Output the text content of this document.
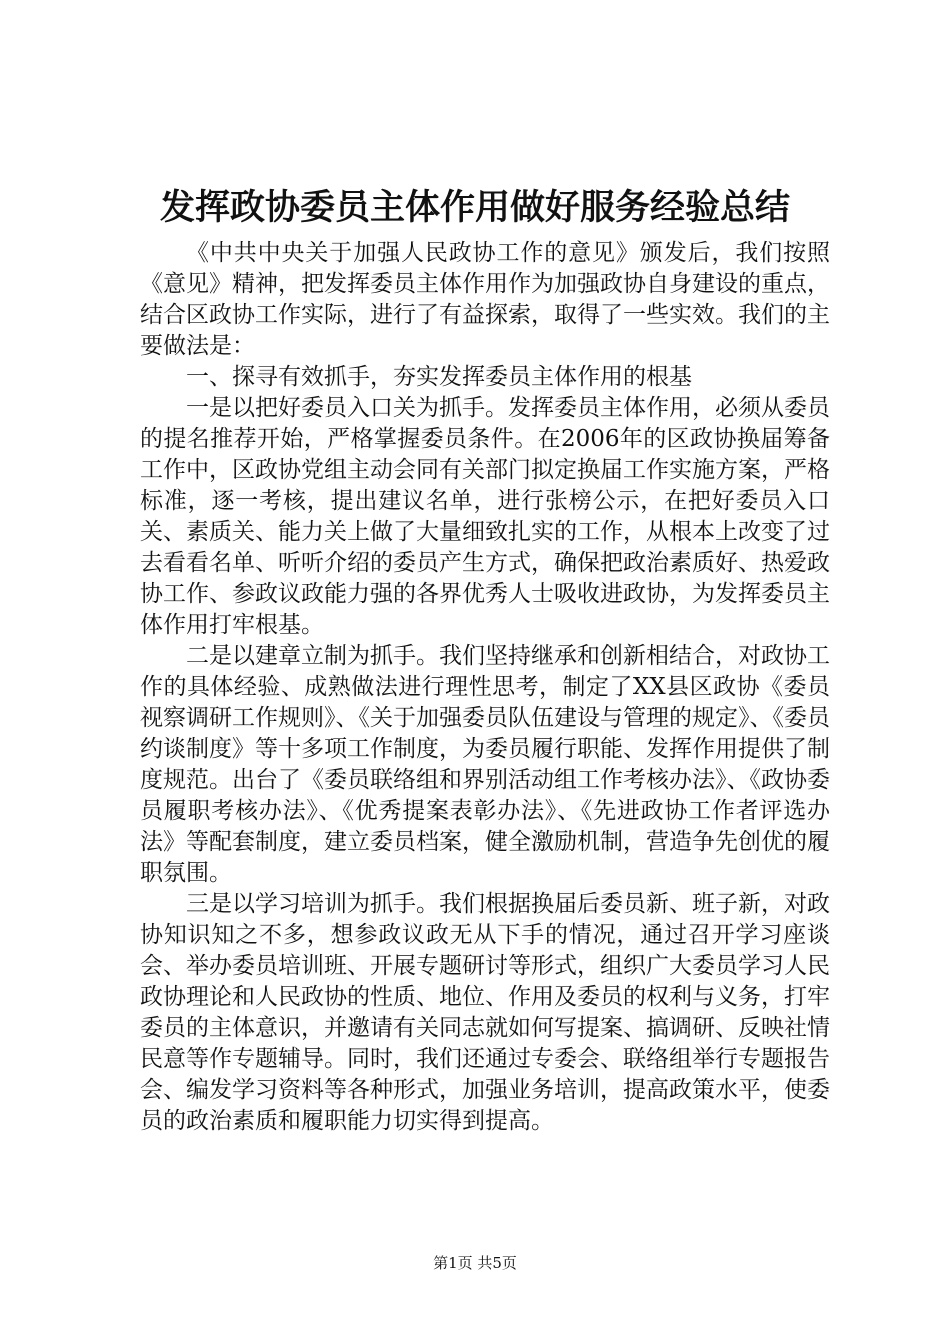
发挥政协委员主体作用做好服务经验总结

《中共中央关于加强人民政协工作的意见》颁发后，我们按照《意见》精神，把发挥委员主体作用作为加强政协自身建设的重点，结合区政协工作实际，进行了有益探索，取得了一些实效。我们的主要做法是：

一、探寻有效抓手，夯实发挥委员主体作用的根基

一是以把好委员入口关为抓手。发挥委员主体作用，必须从委员的提名推荐开始，严格掌握委员条件。在2006年的区政协换届筹备工作中，区政协党组主动会同有关部门拟定换届工作实施方案，严格标准，逐一考核，提出建议名单，进行张榜公示，在把好委员入口关、素质关、能力关上做了大量细致扎实的工作，从根本上改变了过去看看名单、听听介绍的委员产生方式，确保把政治素质好、热爱政协工作、参政议政能力强的各界优秀人士吸收进政协，为发挥委员主体作用打牢根基。

二是以建章立制为抓手。我们坚持继承和创新相结合，对政协工作的具体经验、成熟做法进行理性思考，制定了XX县区政协《委员视察调研工作规则》、《关于加强委员队伍建设与管理的规定》、《委员约谈制度》等十多项工作制度，为委员履行职能、发挥作用提供了制度规范。出台了《委员联络组和界别活动组工作考核办法》、《政协委员履职考核办法》、《优秀提案表彰办法》、《先进政协工作者评选办法》等配套制度，建立委员档案，健全激励机制，营造争先创优的履职氛围。

三是以学习培训为抓手。我们根据换届后委员新、班子新，对政协知识知之不多，想参政议政无从下手的情况，通过召开学习座谈会、举办委员培训班、开展专题研讨等形式，组织广大委员学习人民政协理论和人民政协的性质、地位、作用及委员的权利与义务，打牢委员的主体意识，并邀请有关同志就如何写提案、搞调研、反映社情民意等作专题辅导。同时，我们还通过专委会、联络组举行专题报告会、编发学习资料等各种形式，加强业务培训，提高政策水平，使委员的政治素质和履职能力切实得到提高。

第1页 共5页
